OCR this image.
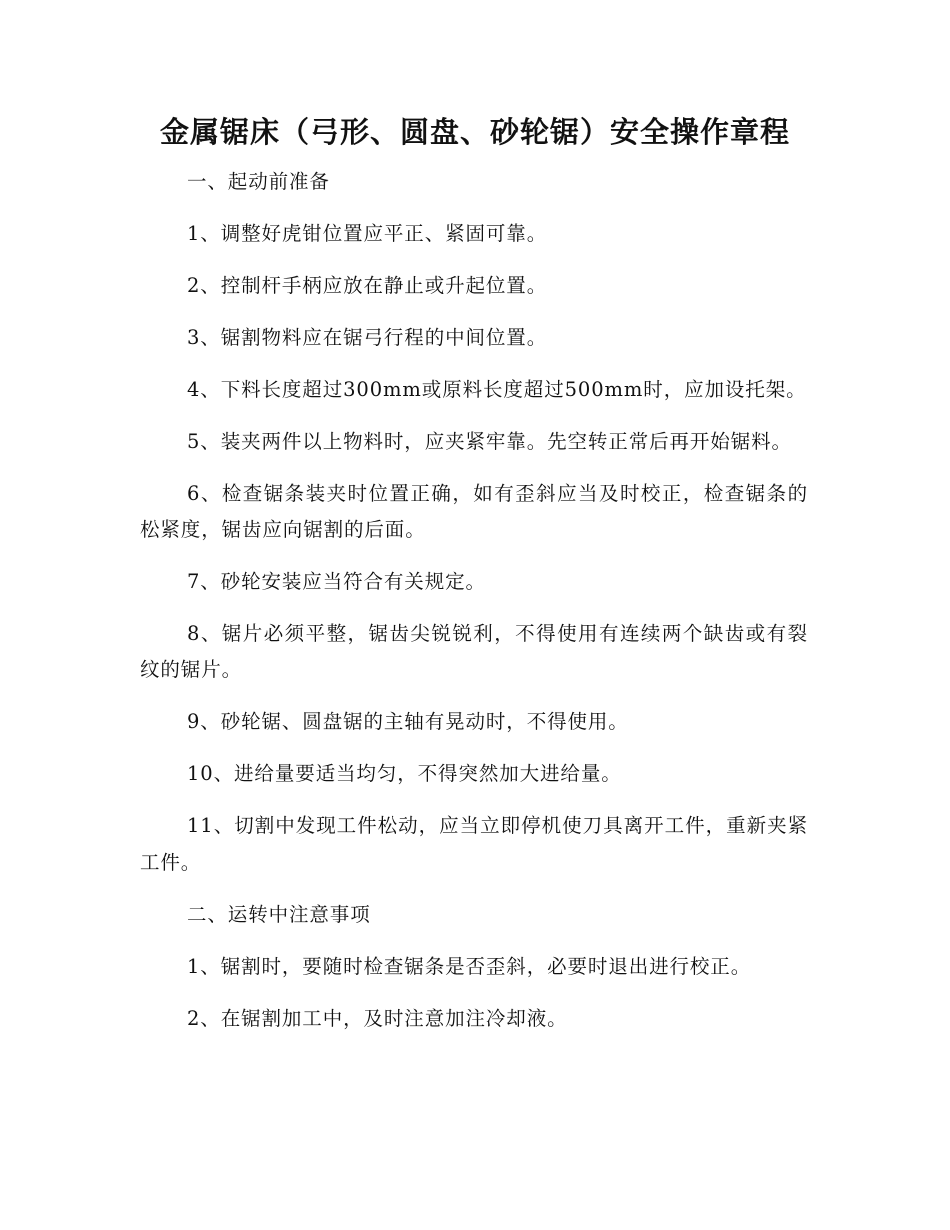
金属锯床（弓形、圆盘、砂轮锯）安全操作章程

一、起动前准备

1、调整好虎钳位置应平正、紧固可靠。

2、控制杆手柄应放在静止或升起位置。

3、锯割物料应在锯弓行程的中间位置。

4、下料长度超过300mm或原料长度超过500mm时，应加设托架。

5、装夹两件以上物料时，应夹紧牢靠。先空转正常后再开始锯料。

6、检查锯条装夹时位置正确，如有歪斜应当及时校正，检查锯条的松紧度，锯齿应向锯割的后面。

7、砂轮安装应当符合有关规定。

8、锯片必须平整，锯齿尖锐锐利，不得使用有连续两个缺齿或有裂纹的锯片。

9、砂轮锯、圆盘锯的主轴有晃动时，不得使用。

10、进给量要适当均匀，不得突然加大进给量。

11、切割中发现工件松动，应当立即停机使刀具离开工件，重新夹紧工件。

二、运转中注意事项

1、锯割时，要随时检查锯条是否歪斜，必要时退出进行校正。

2、在锯割加工中，及时注意加注冷却液。
